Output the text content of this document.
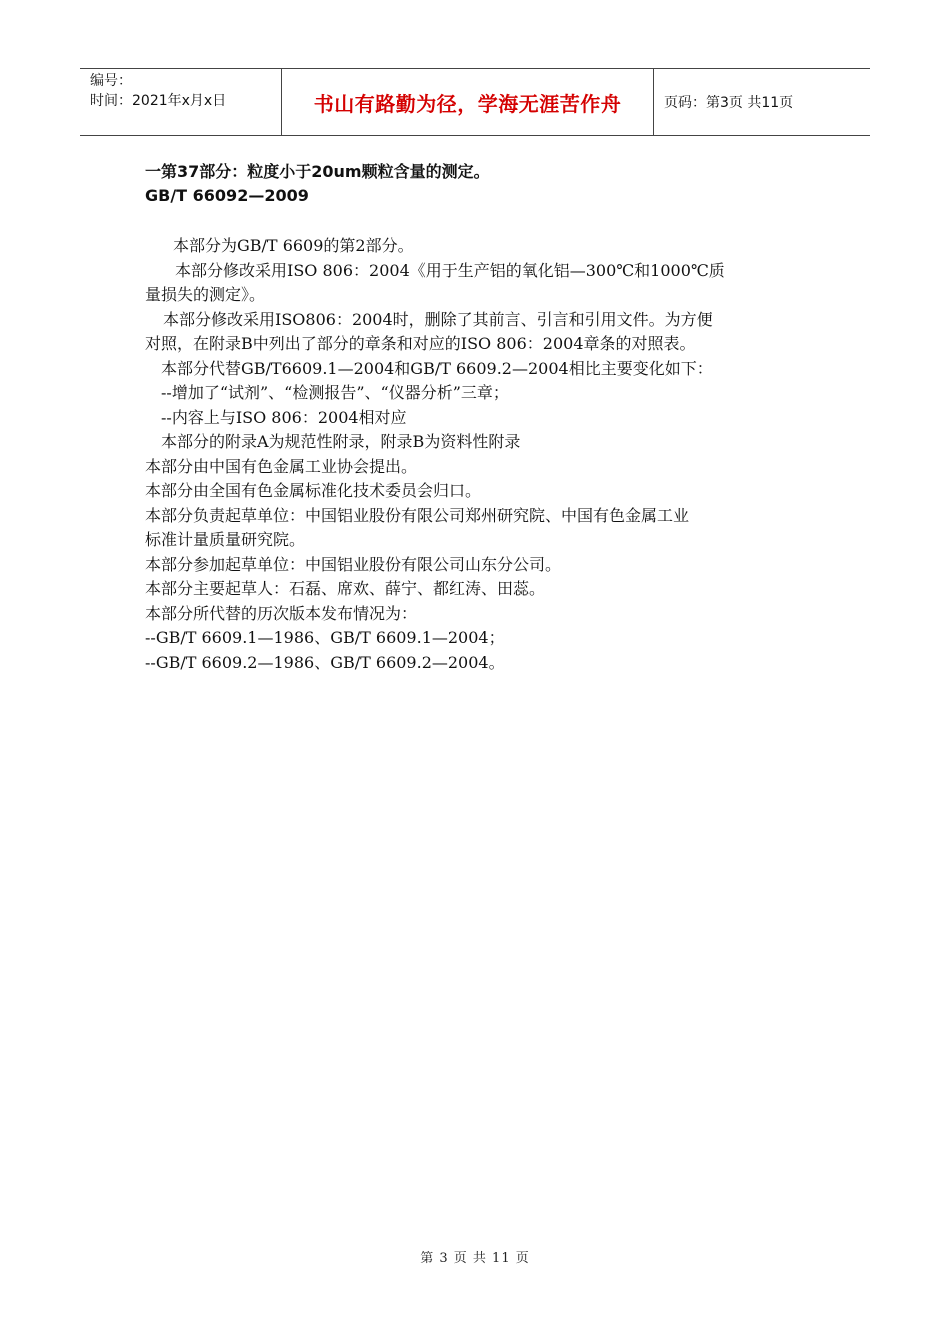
编号：
时间：2021年x月x日	书山有路勤为径，学海无涯苦作舟	页码：第3页 共11页
一第37部分：粒度小于20um颗粒含量的测定。
GB/T 66092—2009
本部分为GB/T 6609的第2部分。
本部分修改采用ISO 806：2004《用于生产铝的氧化铝—300℃和1000℃质
量损失的测定》。
本部分修改采用ISO806：2004时，删除了其前言、引言和引用文件。为方便
对照，在附录B中列出了部分的章条和对应的ISO 806：2004章条的对照表。
本部分代替GB/T6609.1—2004和GB/T 6609.2—2004相比主要变化如下：
--增加了“试剂”、“检测报告”、“仪器分析”三章；
--内容上与ISO 806：2004相对应
本部分的附录A为规范性附录，附录B为资料性附录
本部分由中国有色金属工业协会提出。
本部分由全国有色金属标准化技术委员会归口。
本部分负责起草单位：中国铝业股份有限公司郑州研究院、中国有色金属工业
标准计量质量研究院。
本部分参加起草单位：中国铝业股份有限公司山东分公司。
本部分主要起草人：石磊、席欢、薛宁、都红涛、田蕊。
本部分所代替的历次版本发布情况为：
--GB/T 6609.1—1986、GB/T 6609.1—2004；
--GB/T 6609.2—1986、GB/T 6609.2—2004。
第 3 页 共 11 页
